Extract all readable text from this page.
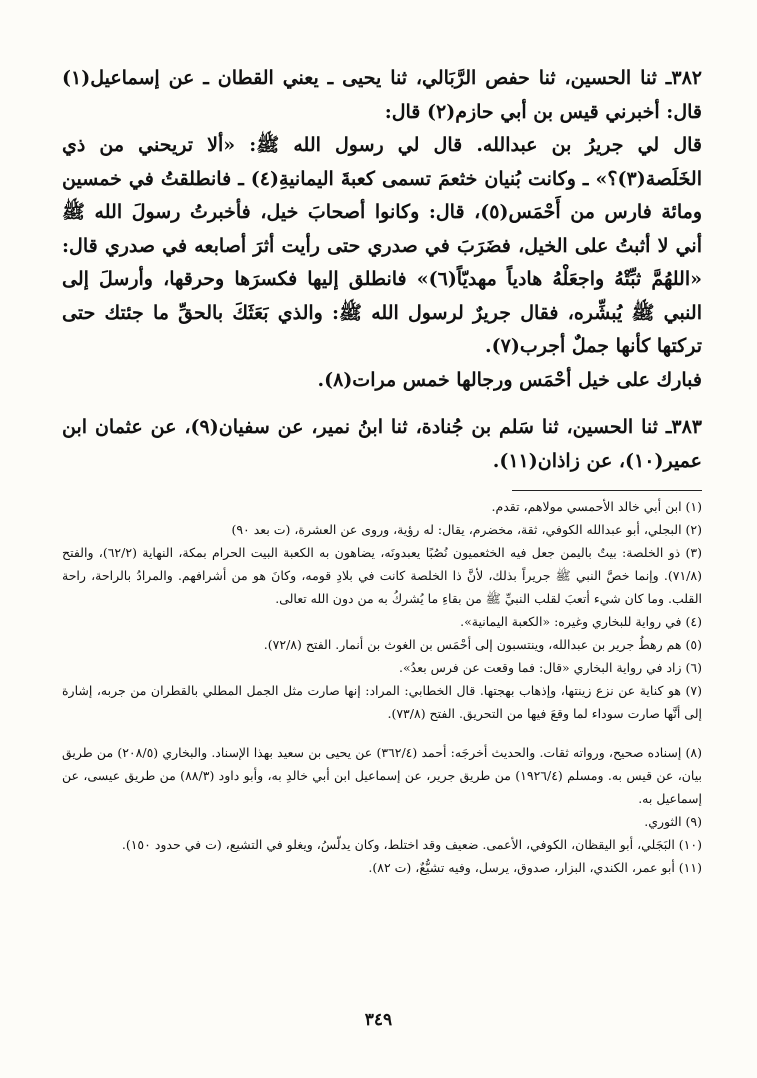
٣٨٢ـ ثنا الحسين، ثنا حفص الرَّبَالي، ثنا يحيى ـ يعني القطان ـ عن إسماعيل(١) قال: أخبرني قيس بن أبي حازم(٢) قال:

قال لي جريرُ بن عبدالله. قال لي رسول الله ﷺ: «ألا تريحني من ذي الخَلَصة(٣)؟» ـ وكانت بُنيان خثعمَ تسمى كعبةَ اليمانيةِ(٤) ـ فانطلقتُ في خمسين ومائة فارس من أَحْمَس(٥)، قال: وكانوا أصحابَ خيل، فأخبرتُ رسولَ الله ﷺ أني لا أثبتُ على الخيل، فضَرَبَ في صدري حتى رأيت أثرَ أصابعه في صدري قال: «اللهُمَّ ثبِّتْهُ واجعَلْهُ هادياً مهديّاً(٦)» فانطلق إليها فكسرَها وحرقها، وأرسلَ إلى النبي ﷺ يُبشِّره، فقال جريرٌ لرسول الله ﷺ: والذي بَعَثَكَ بالحقِّ ما جئتك حتى تركتها كأنها جملٌ أجرب(٧).

فبارك على خيل أحْمَس ورجالها خمس مرات(٨).

٣٨٣ـ ثنا الحسين، ثنا سَلم بن جُنادة، ثنا ابنُ نمير، عن سفيان(٩)، عن عثمان ابن عمير(١٠)، عن زاذان(١١).

(١) ابن أبي خالد الأحمسي مولاهم، تقدم.

(٢) البجلي، أبو عبدالله الكوفي، ثقة، مخضرم، يقال: له رؤية، وروى عن العشرة، (ت بعد ٩٠)

(٣) ذو الخلصة: بيتٌ باليمن جعل فيه الخثعميون نُصُبًا يعبدونَه، يضاهون به الكعبة البيت الحرام بمكة، النهاية (٦٢/٢)، والفتح (٧١/٨). وإنما خصَّ النبي ﷺ جريراً بذلك، لأنَّ ذا الخلصة كانت في بلادِ قومه، وكانَ هو من أشرافهم. والمرادُ بالراحة، راحة القلب. وما كان شيء أتعبَ لقلب النبيِّ ﷺ من بقاءِ ما يُشركُ به من دون الله تعالى.

(٤) في رواية للبخاري وغيره: «الكعبة اليمانية».

(٥) هم رهطُ جرير بن عبدالله، وينتسبون إلى أحْمَس بن الغوث بن أنمار. الفتح (٧٢/٨).

(٦) زاد في رواية البخاري «قال: فما وقعت عن فرس بعدُ».

(٧) هو كناية عن نزع زينتها، وإذهاب بهجتها. قال الخطابي: المراد: إنها صارت مثل الجمل المطلي بالقطران من جربه، إشارة إلى أنَّها صارت سوداء لما وقعَ فيها من التحريق. الفتح (٧٣/٨).

(٨) إسناده صحيح، ورواته ثقات. والحديث أخرجَه: أحمد (٣٦٢/٤) عن يحيى بن سعيد بهذا الإسناد. والبخاري (٢٠٨/٥) من طريق بيان، عن قيس به. ومسلم (١٩٢٦/٤) من طريق جرير، عن إسماعيل ابن أبي خالدِ به، وأبو داود (٨٨/٣) من طريق عيسى، عن إسماعيل به.

(٩) الثوري.

(١٠) البَجَلي، أبو اليقظان، الكوفي، الأعمى. ضعيف وقد اختلط، وكان يدلّسُ، ويغلو في التشيع، (ت في حدود ١٥٠).

(١١) أبو عمر، الكندي، البزار، صدوق، يرسل، وفيه تشيُّعٌ، (ت ٨٢).

٣٤٩
